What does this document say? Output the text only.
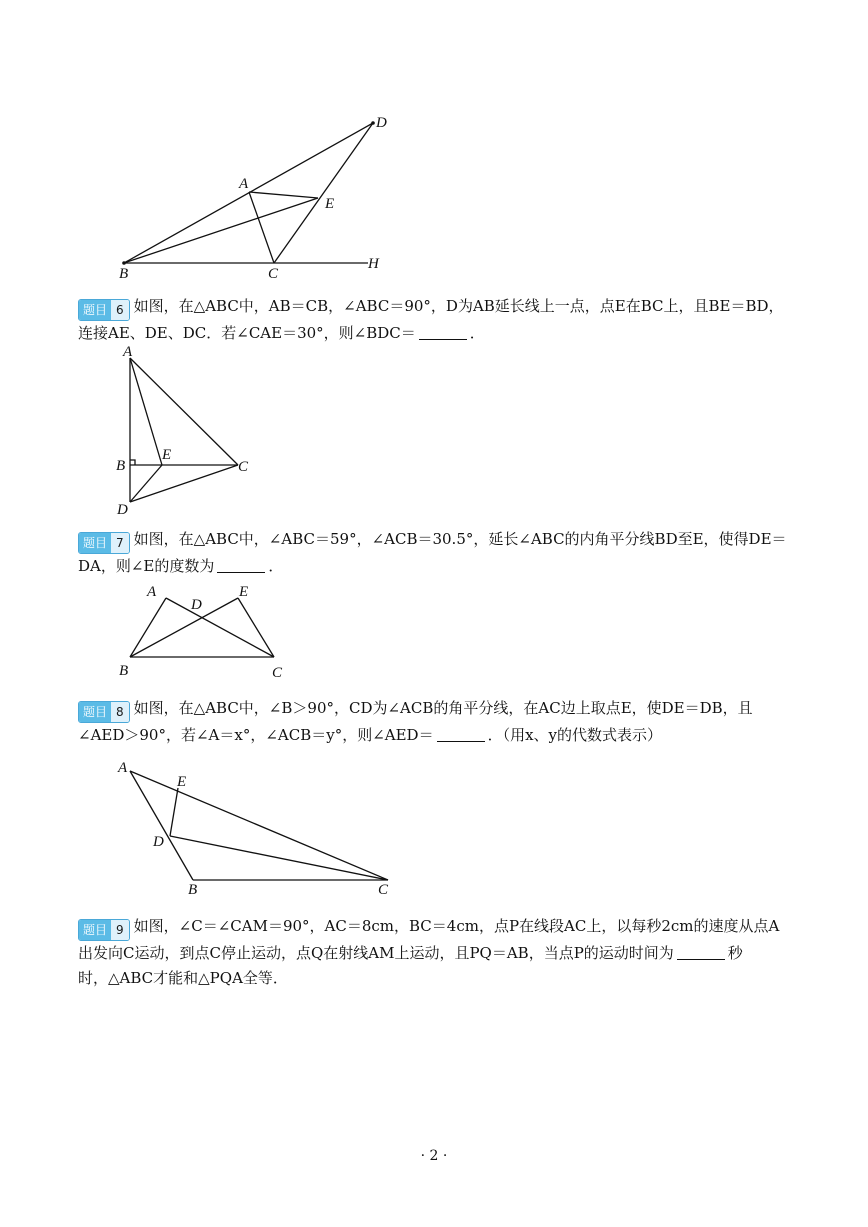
A
B	C
D
E
H
A
B	C
D
E
A
B	C
D
E
A
B	C
D
E
题目 6 如图，在△ABC中，AB＝CB，∠ABC＝90°，D为AB延长线上一点，点E在BC上，且BE＝BD，
连接AE、DE、DC．若∠CAE＝30°，则∠BDC＝	．
题目 7 如图，在△ABC中，∠ABC＝59°，∠ACB＝30.5°，延长∠ABC的内角平分线BD至E，使得DE＝
DA，则∠E的度数为	．
题目 8 如图，在△ABC中，∠B＞90°，CD为∠ACB的角平分线，在AC边上取点E，使DE＝DB，且
∠AED＞90°，若∠A＝x°，∠ACB＝y°，则∠AED＝	．（用x、y的代数式表示）
题目 9 如图，∠C＝∠CAM＝90°，AC＝8cm，BC＝4cm，点P在线段AC上，以每秒2cm的速度从点A
出发向C运动，到点C停止运动，点Q在射线AM上运动，且PQ＝AB，当点P的运动时间为	秒
时，△ABC才能和△PQA全等．
· 2 ·
